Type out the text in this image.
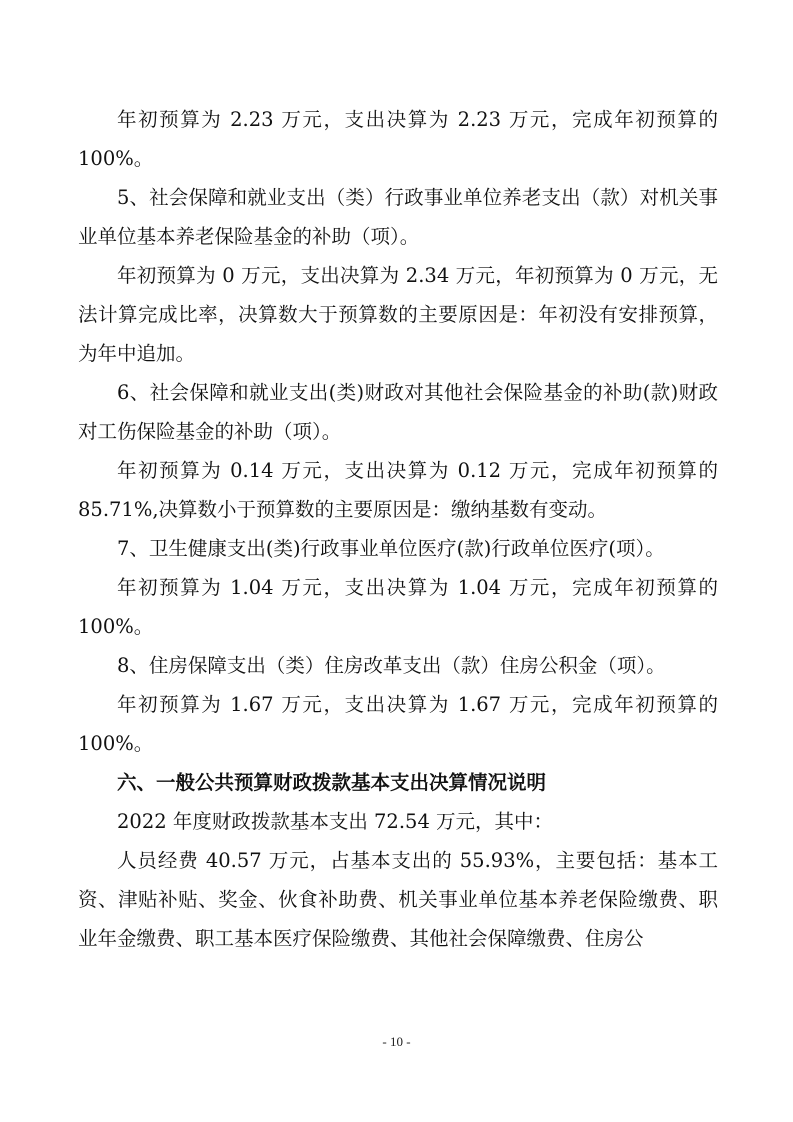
年初预算为 2.23 万元，支出决算为 2.23 万元，完成年初预算的100%。

5、社会保障和就业支出（类）行政事业单位养老支出（款）对机关事业单位基本养老保险基金的补助（项）。

年初预算为 0 万元，支出决算为 2.34 万元，年初预算为 0 万元，无法计算完成比率，决算数大于预算数的主要原因是：年初没有安排预算，为年中追加。

6、社会保障和就业支出(类)财政对其他社会保险基金的补助(款)财政对工伤保险基金的补助（项）。

年初预算为 0.14 万元，支出决算为 0.12 万元，完成年初预算的85.71%,决算数小于预算数的主要原因是：缴纳基数有变动。

7、卫生健康支出(类)行政事业单位医疗(款)行政单位医疗(项）。

年初预算为 1.04 万元，支出决算为 1.04 万元，完成年初预算的100%。

8、住房保障支出（类）住房改革支出（款）住房公积金（项）。

年初预算为 1.67 万元，支出决算为 1.67 万元，完成年初预算的100%。

六、一般公共预算财政拨款基本支出决算情况说明

2022 年度财政拨款基本支出 72.54 万元，其中：

人员经费 40.57 万元，占基本支出的 55.93%，主要包括：基本工资、津贴补贴、奖金、伙食补助费、机关事业单位基本养老保险缴费、职业年金缴费、职工基本医疗保险缴费、其他社会保障缴费、住房公

- 10 -
